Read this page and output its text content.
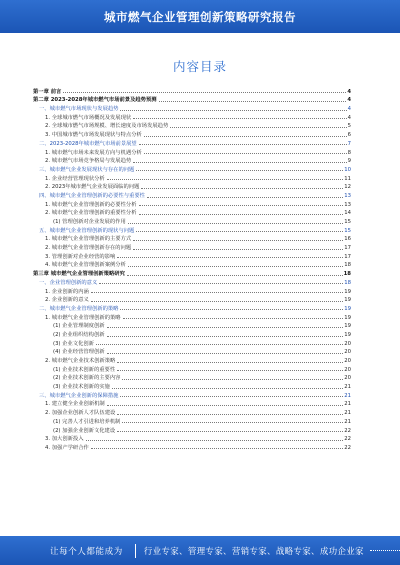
城市燃气企业管理创新策略研究报告
内容目录
第一章 前言	4
第二章 2023-2028年城市燃气市场前景及趋势预测	4
一、城市燃气市场现状与发展趋势	4
1. 全球城市燃气市场概况及发展现状	4
2. 全球城市燃气市场规模、增长速度及市场发展趋势	5
3. 中国城市燃气市场发展现状与特点分析	6
二、2023-2028年城市燃气市场前景展望	7
1. 城市燃气市场未来发展方向与机遇分析	8
2. 城市燃气市场竞争格局与发展趋势	9
三、城市燃气企业发展现状与存在的问题	10
1. 企业经营管理现状分析	11
2. 2023年城市燃气企业发展面临的问题	12
四、城市燃气企业管理创新的必要性与重要性	13
1. 城市燃气企业管理创新的必要性分析	13
2. 城市燃气企业管理创新的重要性分析	14
(1) 管理创新对企业发展的作用	15
五、城市燃气企业管理创新的现状与问题	15
1. 城市燃气企业管理创新的主要方式	16
2. 城市燃气企业管理创新存在的问题	17
3. 管理创新对企业经营的影响	17
4. 城市燃气企业管理创新案例分析	18
第三章 城市燃气企业管理创新策略研究	18
一、企业管理创新的意义	18
1. 企业创新的内涵	19
2. 企业创新的意义	19
二、城市燃气企业管理创新的策略	19
1. 城市燃气企业管理创新的策略	19
(1) 企业管理制度创新	19
(2) 企业组织结构创新	19
(3) 企业文化创新	20
(4) 企业经营管理创新	20
2. 城市燃气企业技术创新策略	20
(1) 企业技术创新的重要性	20
(2) 企业技术创新的主要内容	20
(3) 企业技术创新的实施	21
三、城市燃气企业创新的保障措施	21
1. 建立健全企业创新机制	21
2. 加强企业创新人才队伍建设	21
(1) 完善人才引进和培养机制	21
(2) 加强企业创新文化建设	22
3. 加大创新投入	22
4. 加强产学研合作	22
让每个人都能成为 行业专家、管理专家、营销专家、战略专家、成功企业家
